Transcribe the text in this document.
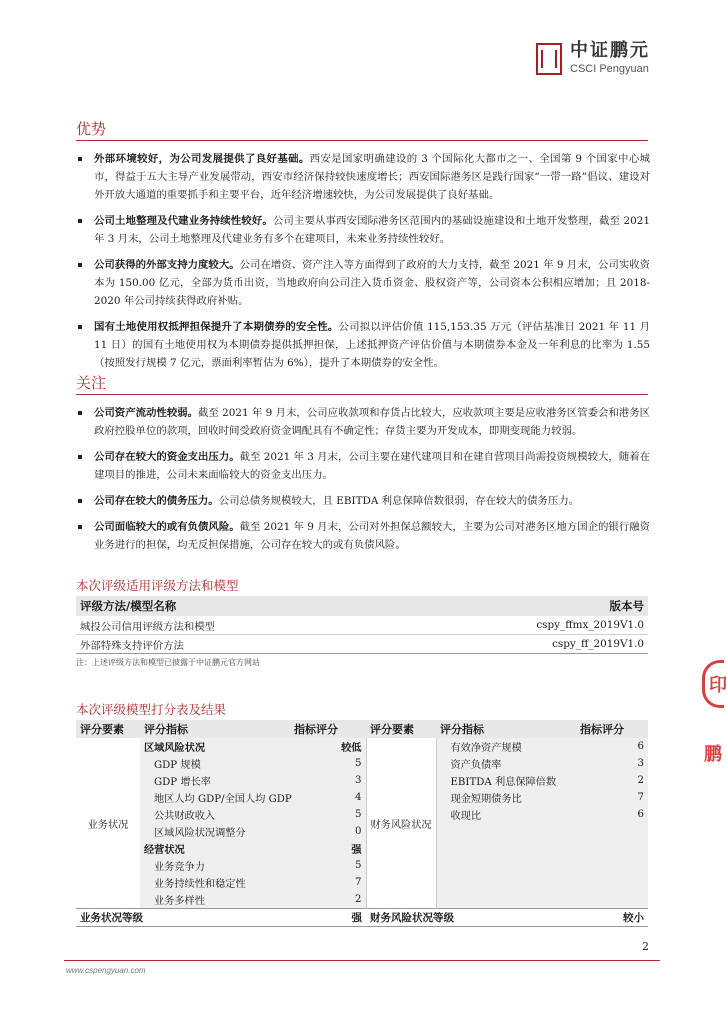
中证鹏元
CSCI Pengyuan
优势
外部环境较好，为公司发展提供了良好基础。西安是国家明确建设的 3 个国际化大都市之一、全国第 9 个国家中心城市，得益于五大主导产业发展带动，西安市经济保持较快速度增长；西安国际港务区是践行国家“一带一路”倡议、建设对外开放大通道的重要抓手和主要平台，近年经济增速较快，为公司发展提供了良好基础。
公司土地整理及代建业务持续性较好。公司主要从事西安国际港务区范围内的基础设施建设和土地开发整理，截至 2021 年 3 月末，公司土地整理及代建业务有多个在建项目，未来业务持续性较好。
公司获得的外部支持力度较大。公司在增资、资产注入等方面得到了政府的大力支持，截至 2021 年 9 月末，公司实收资本为 150.00 亿元，全部为货币出资，当地政府向公司注入货币资金、股权资产等，公司资本公积相应增加；且 2018-2020 年公司持续获得政府补贴。
国有土地使用权抵押担保提升了本期债券的安全性。公司拟以评估价值 115,153.35 万元（评估基准日 2021 年 11 月 11 日）的国有土地使用权为本期债券提供抵押担保，上述抵押资产评估价值与本期债券本金及一年利息的比率为 1.55（按照发行规模 7 亿元，票面利率暂估为 6%），提升了本期债券的安全性。
关注
公司资产流动性较弱。截至 2021 年 9 月末，公司应收款项和存货占比较大，应收款项主要是应收港务区管委会和港务区政府控股单位的款项，回收时间受政府资金调配具有不确定性；存货主要为开发成本，即期变现能力较弱。
公司存在较大的资金支出压力。截至 2021 年 3 月末，公司主要在建代建项目和在建自营项目尚需投资规模较大，随着在建项目的推进，公司未来面临较大的资金支出压力。
公司存在较大的债务压力。公司总债务规模较大，且 EBITDA 利息保障倍数很弱，存在较大的债务压力。
公司面临较大的或有负债风险。截至 2021 年 9 月末，公司对外担保总额较大，主要为公司对港务区地方国企的银行融资业务进行的担保，均无反担保措施，公司存在较大的或有负债风险。
本次评级适用评级方法和模型
评级方法/模型名称	版本号
城投公司信用评级方法和模型	cspy_ffmx_2019V1.0
外部特殊支持评价方法	cspy_ff_2019V1.0
注：上述评级方法和模型已披露于中证鹏元官方网站
本次评级模型打分表及结果
评分要素	评分指标	指标评分	评分要素	评分指标	指标评分
业务状况	区域风险状况	较低	财务风险状况	有效净资产规模	6
	GDP 规模	5		资产负债率	3
	GDP 增长率	3		EBITDA 利息保障倍数	2
	地区人均 GDP/全国人均 GDP	4		现金短期债务比	7
	公共财政收入	5		收现比	6
	区域风险状况调整分	0			
	经营状况	强			
	业务竞争力	5			
	业务持续性和稳定性	7			
	业务多样性	2			
业务状况等级		强	财务风险状况等级		较小
2
www.cspengyuan.com
印
鹏
